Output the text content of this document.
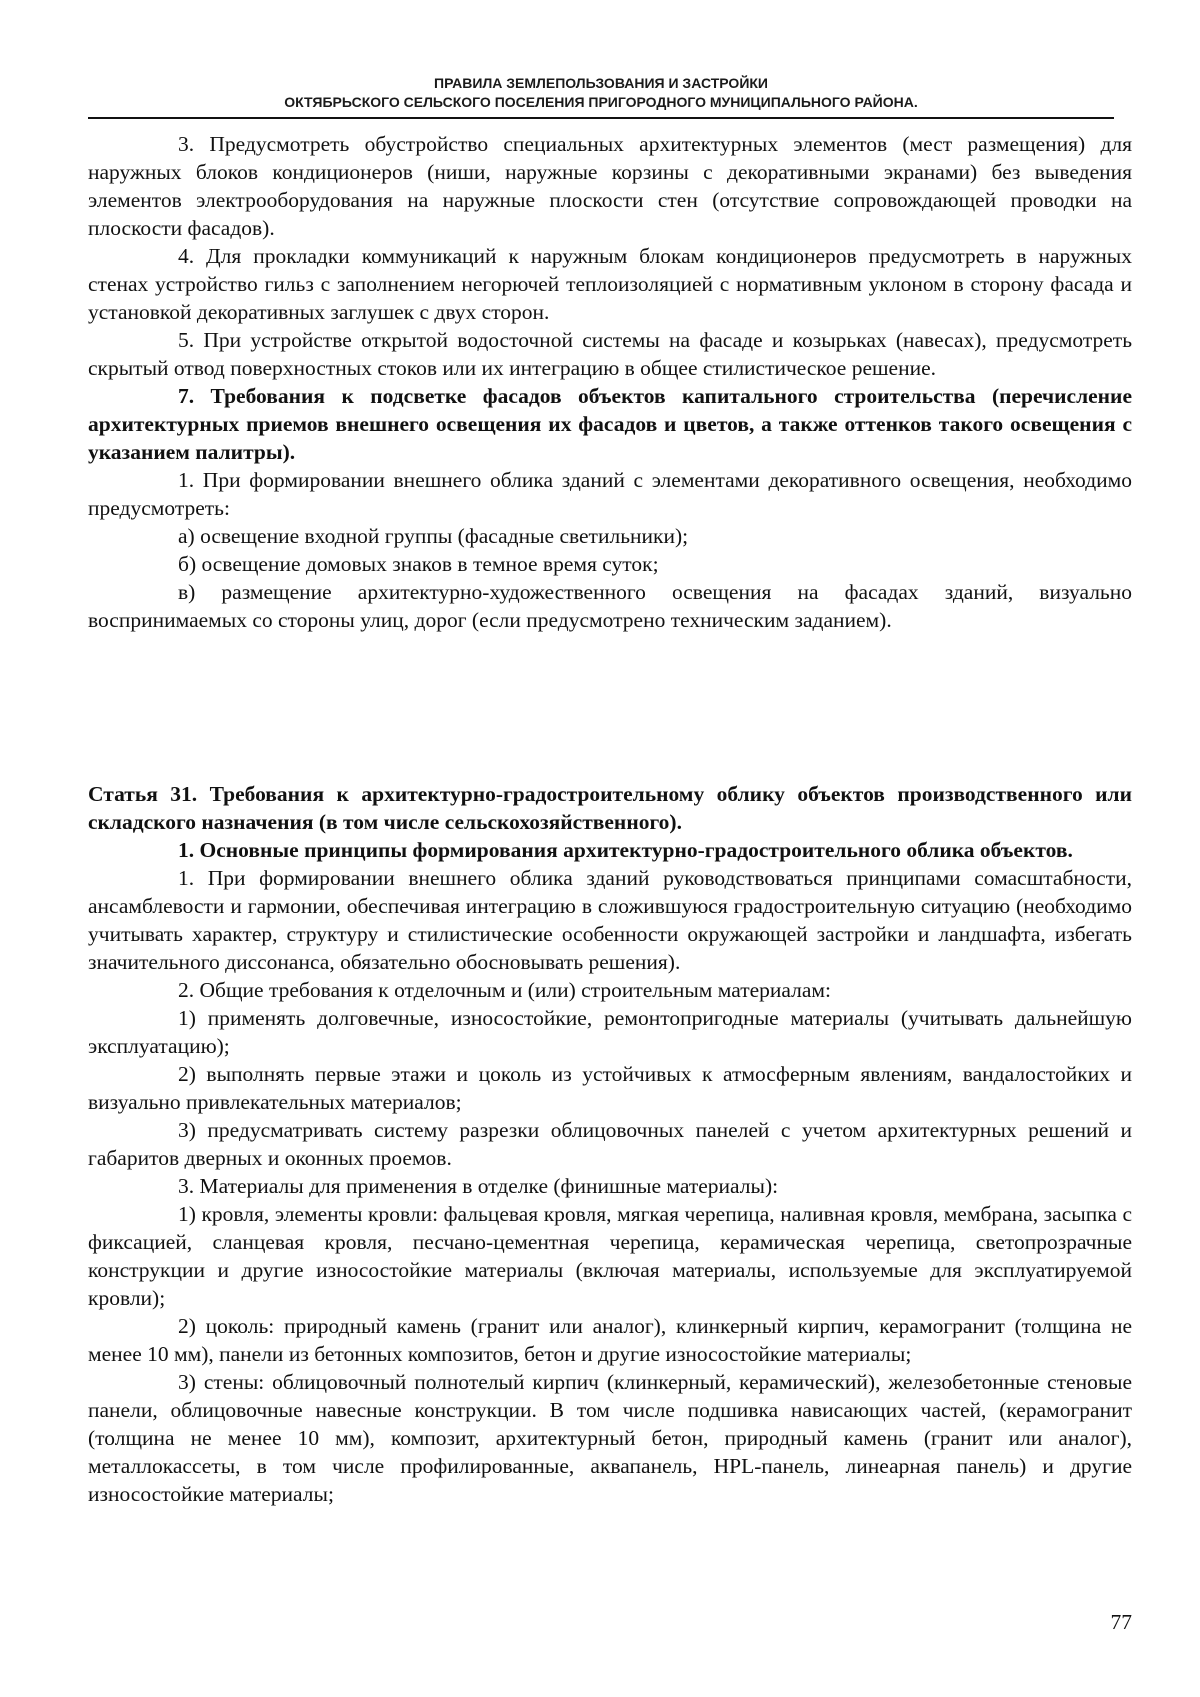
ПРАВИЛА ЗЕМЛЕПОЛЬЗОВАНИЯ И ЗАСТРОЙКИ
ОКТЯБРЬСКОГО СЕЛЬСКОГО ПОСЕЛЕНИЯ ПРИГОРОДНОГО МУНИЦИПАЛЬНОГО РАЙОНА.

3. Предусмотреть обустройство специальных архитектурных элементов (мест размещения) для наружных блоков кондиционеров (ниши, наружные корзины с декоративными экранами) без выведения элементов электрооборудования на наружные плоскости стен (отсутствие сопровождающей проводки на плоскости фасадов).

4. Для прокладки коммуникаций к наружным блокам кондиционеров предусмотреть в наружных стенах устройство гильз с заполнением негорючей теплоизоляцией с нормативным уклоном в сторону фасада и установкой декоративных заглушек с двух сторон.

5. При устройстве открытой водосточной системы на фасаде и козырьках (навесах), предусмотреть скрытый отвод поверхностных стоков или их интеграцию в общее стилистическое решение.

7. Требования к подсветке фасадов объектов капитального строительства (перечисление архитектурных приемов внешнего освещения их фасадов и цветов, а также оттенков такого освещения с указанием палитры).

1. При формировании внешнего облика зданий с элементами декоративного освещения, необходимо предусмотреть:

а) освещение входной группы (фасадные светильники);

б) освещение домовых знаков в темное время суток;

в) размещение архитектурно-художественного освещения на фасадах зданий, визуально воспринимаемых со стороны улиц, дорог (если предусмотрено техническим заданием).

Статья 31. Требования к архитектурно-градостроительному облику объектов производственного или складского назначения (в том числе сельскохозяйственного).

1. Основные принципы формирования архитектурно-градостроительного облика объектов.

1. При формировании внешнего облика зданий руководствоваться принципами сомасштабности, ансамблевости и гармонии, обеспечивая интеграцию в сложившуюся градостроительную ситуацию (необходимо учитывать характер, структуру и стилистические особенности окружающей застройки и ландшафта, избегать значительного диссонанса, обязательно обосновывать решения).

2. Общие требования к отделочным и (или) строительным материалам:

1) применять долговечные, износостойкие, ремонтопригодные материалы (учитывать дальнейшую эксплуатацию);

2) выполнять первые этажи и цоколь из устойчивых к атмосферным явлениям, вандалостойких и визуально привлекательных материалов;

3) предусматривать систему разрезки облицовочных панелей с учетом архитектурных решений и габаритов дверных и оконных проемов.

3. Материалы для применения в отделке (финишные материалы):

1) кровля, элементы кровли: фальцевая кровля, мягкая черепица, наливная кровля, мембрана, засыпка с фиксацией, сланцевая кровля, песчано-цементная черепица, керамическая черепица, светопрозрачные конструкции и другие износостойкие материалы (включая материалы, используемые для эксплуатируемой кровли);

2) цоколь: природный камень (гранит или аналог), клинкерный кирпич, керамогранит (толщина не менее 10 мм), панели из бетонных композитов, бетон и другие износостойкие материалы;

3) стены: облицовочный полнотелый кирпич (клинкерный, керамический), железобетонные стеновые панели, облицовочные навесные конструкции. В том числе подшивка нависающих частей, (керамогранит (толщина не менее 10 мм), композит, архитектурный бетон, природный камень (гранит или аналог), металлокассеты, в том числе профилированные, аквапанель, HPL-панель, линеарная панель) и другие износостойкие материалы;

77
